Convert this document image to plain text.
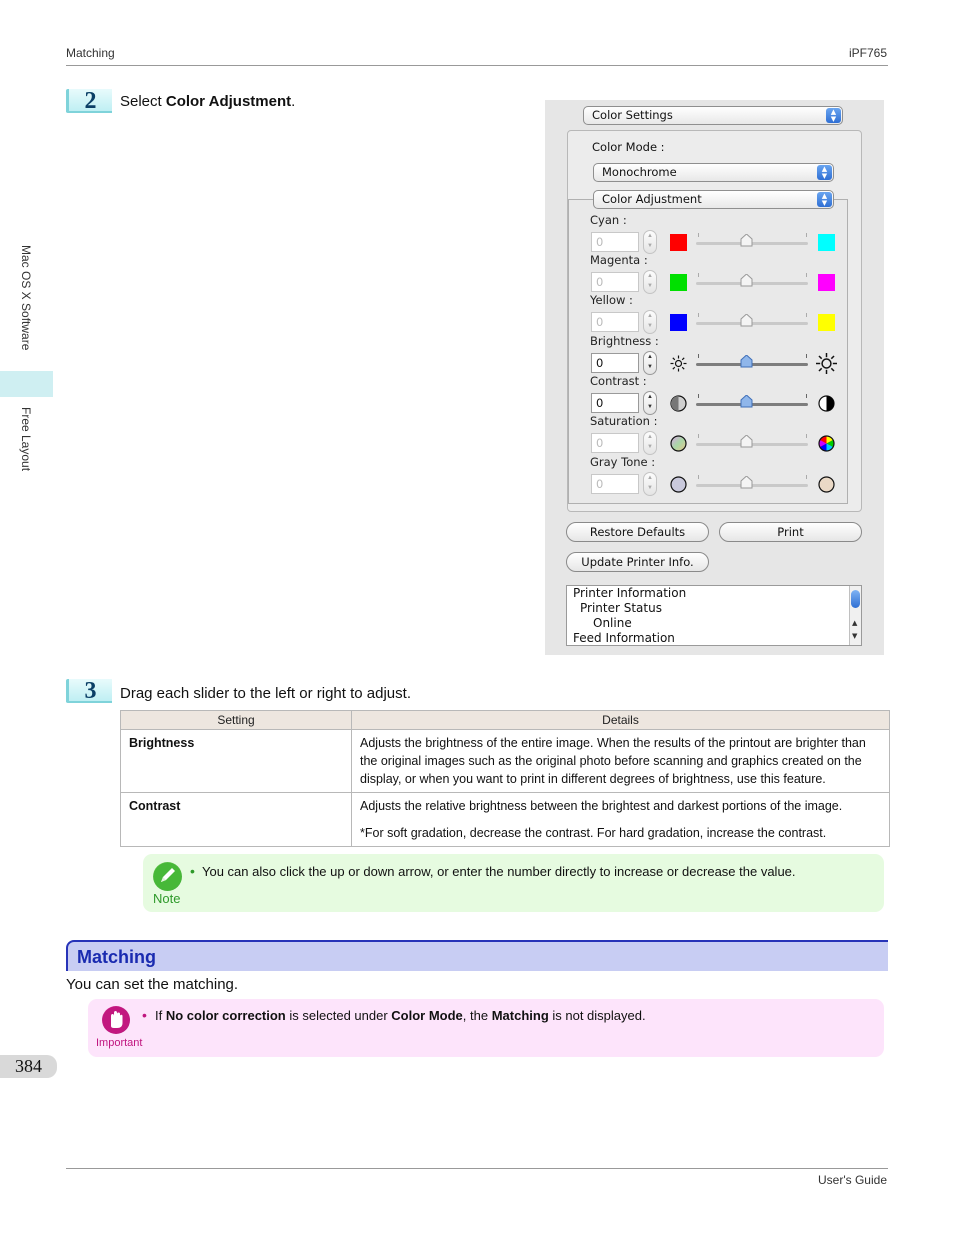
Matching	iPF765
Mac OS X Software
Free Layout
2	Select Color Adjustment.
Color Settings	▲
▼
Color Mode :
Monochrome	▲
▼
Color Adjustment	▲
▼
Cyan :
0	▲
▼
Magenta :
0	▲
▼
Yellow :
0	▲
▼
Brightness :
0	▲
▼
Contrast :
0	▲
▼
Saturation :
0	▲
▼
Gray Tone :
0	▲
▼
Restore Defaults	Print
Update Printer Info.
Printer Information
Printer Status
Online
Feed Information
▲
▼
3	Drag each slider to the left or right to adjust.
Setting	Details
Brightness	Adjusts the brightness of the entire image. When the results of the printout are brighter than the original images such as the original photo before scanning and graphics created on the display, or when you want to print in different degrees of brightness, use this feature.
Contrast	Adjusts the relative brightness between the brightest and darkest portions of the image.
*For soft gradation, decrease the contrast. For hard gradation, increase the contrast.
Note
• You can also click the up or down arrow, or enter the number directly to increase or decrease the value.
Matching
You can set the matching.
Important
• If No color correction is selected under Color Mode, the Matching is not displayed.
384
User's Guide
